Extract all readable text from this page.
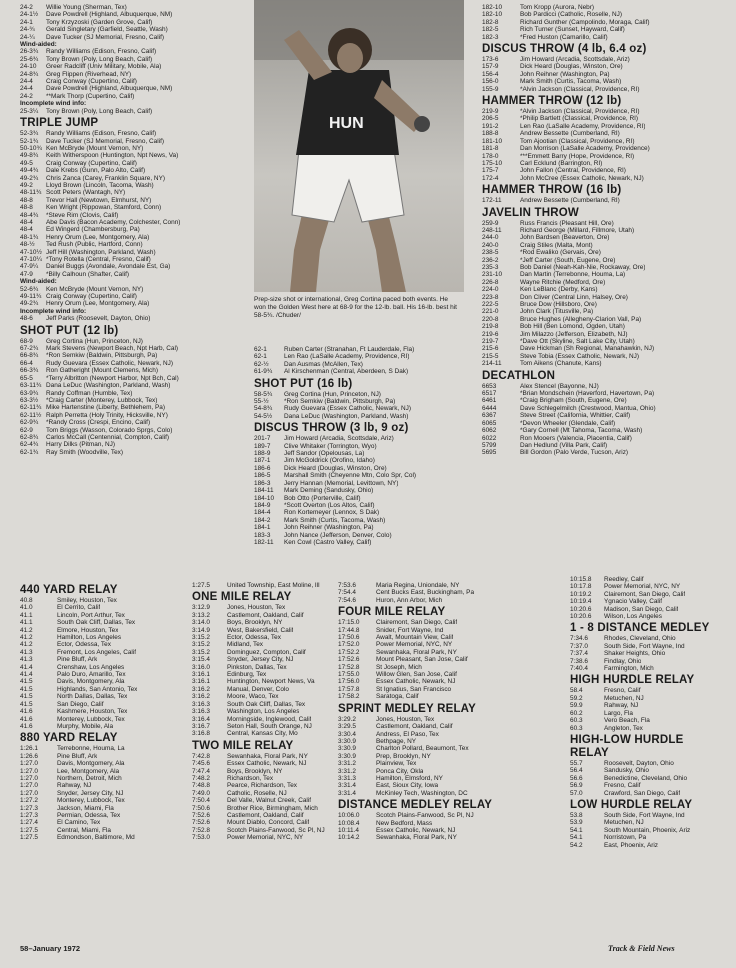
HUN
Prep-size shot or international, Greg Cortina paced both events. He won the Golden West here at 68-9 for the 12-lb. ball. His 16-lb. best hit 58-5¾. /Chuder/
24-2	Willie Young (Sherman, Tex)
24-1½	Dave Powdrell (Highland, Albuquerque, NM)
24-1	Tony Krzyzoski (Garden Grove, Calif)
24-¾	Gerald Singletary (Garfield, Seattle, Wash)
24-¼	Dave Tucker (SJ Memorial, Fresno, Calif)
Wind-aided:
26-3¾	Randy Williams (Edison, Fresno, Calif)
25-6¾	Tony Brown (Poly, Long Beach, Calif)
24-10	Greer Radcliff (Univ Military, Mobile, Ala)
24-8¾	Greg Flippen (Riverhead, NY)
24-4	Craig Conway (Cupertino, Calif)
24-4	Dave Powdrell (Highland, Albuquerque, NM)
24-2	**Mark Thorp (Cupertino, Calif)
Incomplete wind info:
25-3¼	Tony Brown (Poly, Long Beach, Calif)
TRIPLE JUMP
52-3¾	Randy Williams (Edison, Fresno, Calif)
52-1¾	Dave Tucker (SJ Memorial, Fresno, Calif)
50-10¾ Ken McBryde (Mount Vernon, NY)
49-8¾	Keith Witherspoon (Huntington, Npt News, Va)
49-5	Craig Conway (Cupertino, Calif)
49-4¾	Dale Krebs (Gunn, Palo Alto, Calif)
49-2¾	Chris Zanca (Carey, Franklin Square, NY)
49-2	Lloyd Brown (Lincoln, Tacoma, Wash)
48-11¾ Scott Peters (Wantagh, NY)
48-8	Trevor Hall (Newtown, Elmhurst, NY)
48-8	Ken Wright (Rippowan, Stamford, Conn)
48-4¾	*Steve Rim (Clovis, Calif)
48-4	Abe Davis (Bacon Academy, Colchester, Conn)
48-4	Ed Wingerd (Chambersburg, Pa)
48-1¾	Henry Orum (Lee, Montgomery, Ala)
48-½	Ted Rush (Public, Hartford, Conn)
47-10½ Jeff Hill (Washington, Parkland, Wash)
47-10¼ *Tony Rotella (Central, Fresno, Calif)
47-9¼	Daniel Buggs (Avondale, Avondale Est, Ga)
47-9	*Billy Calhoun (Shafter, Calif)
Wind-aided:
52-6¾	Ken McBryde (Mount Vernon, NY)
49-11¾ Craig Conway (Cupertino, Calif)
49-2¾	Henry Orum (Lee, Montgomery, Ala)
Incomplete wind info:
48-6	Jeff Parks (Roosevelt, Dayton, Ohio)
SHOT PUT (12 lb)
68-9	Greg Cortina (Hun, Princeton, NJ)
67-2¾	Mark Stevens (Newport Beach, Npt Harb, Cal)
66-8¾	*Ron Semkiw (Baldwin, Pittsburgh, Pa)
66-4	Rudy Guevara (Essex Catholic, Newark, NJ)
66-3¾	Ron Gatheright (Mount Clemens, Mich)
65-5	*Terry Albritton (Newport Harbor, Npt Bch, Cal)
63-11¾ Dana LeDuc (Washington, Parkland, Wash)
63-9¾	Randy Coffman (Humble, Tex)
63-3½	*Craig Carter (Monterey, Lubbock, Tex)
62-11¾ Mike Hartenstine (Liberty, Bethlehem, Pa)
62-11½ Ralph Perretta (Holy Trinity, Hicksville, NY)
62-9¾	*Randy Cross (Crespi, Encino, Calif)
62-9	Tom Briggs (Wasson, Colorado Sprgs, Colo)
62-8¾	Carlos McCall (Centennial, Compton, Calif)
62-4¾	Harry Dilks (Pitman, NJ)
62-1¾	Ray Smith (Woodville, Tex)
62-1	Ruben Carter (Stranahan, Ft Lauderdale, Fla)
62-1	Len Rao (LaSalle Academy, Providence, RI)
62-½	Dan Ausmas (McAllen, Tex)
61-9¾	Al Kirschenman (Central, Aberdeen, S Dak)
SHOT PUT (16 lb)
58-5¾	Greg Cortina (Hun, Princeton, NJ)
55-½	*Ron Semkiw (Baldwin, Pittsburgh, Pa)
54-8¾	Rudy Guevara (Essex Catholic, Newark, NJ)
54-5½	Dana LeDuc (Washington, Parkland, Wash)
DISCUS THROW (3 lb, 9 oz)
201-7	Jim Howard (Arcadia, Scottsdale, Ariz)
189-7	Clive Whitaker (Torrington, Wyo)
188-9	Jeff Sandor (Opelousas, La)
187-1	Jim McGoldrick (Orofino, Idaho)
186-6	Dick Heard (Douglas, Winston, Ore)
186-5	Marshall Smith (Cheyenne Mtn, Colo Spr, Col)
186-3	Jerry Hannan (Memorial, Levittown, NY)
184-11	Mark Deming (Sandusky, Ohio)
184-10	Bob Otto (Porterville, Calif)
184-9	*Scott Overton (Los Altos, Calif)
184-4	Ron Kortemeyer (Lennox, S Dak)
184-2	Mark Smith (Curtis, Tacoma, Wash)
184-1	John Reihner (Washington, Pa)
183-3	John Nance (Jefferson, Denver, Colo)
182-11	Ken Cowl (Castro Valley, Calif)
182-10	Tom Kropp (Aurora, Nebr)
182-10	Bob Pardicci (Catholic, Roselle, NJ)
182-8	Richard Gunther (Campolindo, Moraga, Calif)
182-5	Rich Turner (Sunset, Hayward, Calif)
182-3	*Fred Huston (Camarillo, Calif)
DISCUS THROW (4 lb, 6.4 oz)
173-6	Jim Howard (Arcadia, Scottsdale, Ariz)
157-9	Dick Heard (Douglas, Winston, Ore)
156-4	John Reihner (Washington, Pa)
156-0	Mark Smith (Curtis, Tacoma, Wash)
155-9	*Alvin Jackson (Classical, Providence, RI)
HAMMER THROW (12 lb)
219-9	*Alvin Jackson (Classical, Providence, RI)
206-5	*Philip Bartlett (Classical, Providence, RI)
191-2	Len Rao (LaSalle Academy, Providence, RI)
188-8	Andrew Bessette (Cumberland, RI)
181-10	Tom Ajootian (Classical, Providence, RI)
181-8	Dan Morrison (LaSalle Academy, Providence)
178-0	***Emmett Barry (Hope, Providence, RI)
175-10	Carl Ecklund (Barrington, RI)
175-7	John Fallon (Central, Providence, RI)
172-4	John McCree (Essex Catholic, Newark, NJ)
HAMMER THROW (16 lb)
172-11	Andrew Bessette (Cumberland, RI)
JAVELIN THROW
259-9	Russ Francis (Pleasant Hill, Ore)
248-11	Richard George (Millard, Fillmore, Utah)
244-0	John Bardsen (Beaverton, Ore)
240-0	Craig Stiles (Malta, Mont)
238-5	*Rod Ewaliko (Gervais, Ore)
236-2	*Jeff Carter (South, Eugene, Ore)
235-3	Bob Daniel (Neah-Kah-Nie, Rockaway, Ore)
231-10	Dan Martin (Terrebonne, Houma, La)
226-8	Wayne Ritchie (Medford, Ore)
224-0	Ken LeBlanc (Derby, Kans)
223-8	Don Cliver (Central Linn, Halsey, Ore)
222-5	Bruce Dow (Hillsboro, Ore)
221-0	John Clark (Titusville, Pa)
220-8	Bruce Hughes (Allegheny-Clarion Vall, Pa)
219-8	Bob Hill (Ben Lomond, Ogden, Utah)
219-6	Jim Milazzo (Jefferson, Elizabeth, NJ)
219-7	*Dave Ott (Skyline, Salt Lake City, Utah)
215-6	Dave Hickman (Sh Regional, Manahawkin, NJ)
215-5	Steve Tobia (Essex Catholic, Newark, NJ)
214-11	Tom Aikens (Chanute, Kans)
DECATHLON
6653	Alex Stencel (Bayonne, NJ)
6517	*Brian Mondschein (Haverford, Havertown, Pa)
6461	*Craig Brigham (South, Eugene, Ore)
6444	Dave Schlegelmilch (Crestwood, Mantua, Ohio)
6367	Steve Street (California, Whittier, Calif)
6065	*Devon Wheeler (Glendale, Calif)
6062	*Gary Cornell (Mt Tahoma, Tacoma, Wash)
6022	Ron Mooers (Valencia, Placentia, Calif)
5799	Dan Hedlund (Villa Park, Calif)
5695	Bill Gordon (Palo Verde, Tucson, Ariz)
440 YARD RELAY
40.8	Smiley, Houston, Tex
41.0	El Cerrito, Calif
41.1	Lincoln, Port Arthur, Tex
41.1	South Oak Cliff, Dallas, Tex
41.2	Elmore, Houston, Tex
41.2	Hamilton, Los Angeles
41.2	Ector, Odessa, Tex
41.3	Fremont, Los Angeles, Calif
41.3	Pine Bluff, Ark
41.4	Crenshaw, Los Angeles
41.4	Palo Duro, Amarillo, Tex
41.5	Davis, Montgomery, Ala
41.5	Highlands, San Antonio, Tex
41.5	North Dallas, Dallas, Tex
41.5	San Diego, Calif
41.6	Kashmere, Houston, Tex
41.6	Monterey, Lubbock, Tex
41.6	Murphy, Mobile, Ala
880 YARD RELAY
1:26.1	Terrebonne, Houma, La
1:26.6	Pine Bluff, Ark
1:27.0	Davis, Montgomery, Ala
1:27.0	Lee, Montgomery, Ala
1:27.0	Northern, Detroit, Mich
1:27.0	Rahway, NJ
1:27.0	Snyder, Jersey City, NJ
1:27.2	Monterey, Lubbock, Tex
1:27.3	Jackson, Miami, Fla
1:27.3	Permian, Odessa, Tex
1:27.4	El Camino, Tex
1:27.5	Central, Miami, Fla
1:27.5	Edmondson, Baltimore, Md
1:27.5	United Township, East Moline, Ill
ONE MILE RELAY
3:12.9	Jones, Houston, Tex
3:13.2	Castlemont, Oakland, Calif
3:14.0	Boys, Brooklyn, NY
3:14.9	West, Bakersfield, Calif
3:15.2	Ector, Odessa, Tex
3:15.2	Midland, Tex
3:15.2	Dominguez, Compton, Calif
3:15.4	Snyder, Jersey City, NJ
3:16.0	Pinkston, Dallas, Tex
3:16.1	Edinburg, Tex
3:16.1	Huntington, Newport News, Va
3:16.2	Manual, Denver, Colo
3:16.2	Moore, Waco, Tex
3:16.3	South Oak Cliff, Dallas, Tex
3:16.3	Washington, Los Angeles
3:16.4	Morningside, Inglewood, Calif
3:16.7	Seton Hall, South Orange, NJ
3:16.8	Central, Kansas City, Mo
TWO MILE RELAY
7:42.8	Sewanhaka, Floral Park, NY
7:45.6	Essex Catholic, Newark, NJ
7:47.4	Boys, Brooklyn, NY
7:48.2	Richardson, Tex
7:48.8	Pearce, Richardson, Tex
7:49.0	Catholic, Roselle, NJ
7:50.4	Del Valle, Walnut Creek, Calif
7:50.6	Brother Rice, Birmingham, Mich
7:52.6	Castlemont, Oakland, Calif
7:52.6	Mount Diablo, Concord, Calif
7:52.8	Scotch Plains-Fanwood, Sc Pl, NJ
7:53.0	Power Memorial, NYC, NY
7:53.6	Maria Regina, Uniondale, NY
7:54.4	Cent Bucks East, Buckingham, Pa
7:54.6	Huron, Ann Arbor, Mich
FOUR MILE RELAY
17:15.0	Clairemont, San Diego, Calif
17:44.8	Snider, Fort Wayne, Ind
17:50.6	Awalt, Mountain View, Calif
17:52.0	Power Memorial, NYC, NY
17:52.2	Sewanhaka, Floral Park, NY
17:52.6	Mount Pleasant, San Jose, Calif
17:52.8	St Joseph, Mich
17:55.0	Willow Glen, San Jose, Calif
17:56.0	Essex Catholic, Newark, NJ
17:57.8	St Ignatius, San Francisco
17:58.2	Saratoga, Calif
SPRINT MEDLEY RELAY
3:29.2	Jones, Houston, Tex
3:29.5	Castlemont, Oakland, Calif
3:30.4	Andress, El Paso, Tex
3:30.9	Bethpage, NY
3:30.9	Charlton Pollard, Beaumont, Tex
3:30.9	Prep, Brooklyn, NY
3:31.2	Plainview, Tex
3:31.2	Ponca City, Okla
3:31.3	Hamilton, Elmsford, NY
3:31.4	East, Sioux City, Iowa
3:31.4	McKinley Tech, Washington, DC
DISTANCE MEDLEY RELAY
10:06.0	Scotch Plains-Fanwood, Sc Pl, NJ
10:08.4	New Bedford, Mass
10:11.4	Essex Catholic, Newark, NJ
10:14.2	Sewanhaka, Floral Park, NY
10:15.8	Reedley, Calif
10:17.8	Power Memorial, NYC, NY
10:19.2	Clairemont, San Diego, Calif
10:19.4	Ygnacio Valley, Calif
10:20.6	Madison, San Diego, Calif
10:20.6	Wilson, Los Angeles
1 - 8 DISTANCE MEDLEY
7:34.6	Rhodes, Cleveland, Ohio
7:37.0	South Side, Fort Wayne, Ind
7:37.4	Shaker Heights, Ohio
7:38.6	Findlay, Ohio
7:40.4	Farmington, Mich
HIGH HURDLE RELAY
58.4	Fresno, Calif
59.2	Metuchen, NJ
59.9	Rahway, NJ
60.2	Largo, Fla
60.3	Vero Beach, Fla
60.3	Angleton, Tex
HIGH-LOW HURDLE RELAY
55.7	Roosevelt, Dayton, Ohio
56.4	Sandusky, Ohio
56.6	Benedictine, Cleveland, Ohio
56.9	Fresno, Calif
57.0	Crawford, San Diego, Calif
LOW HURDLE RELAY
53.8	South Side, Fort Wayne, Ind
53.9	Metuchen, NJ
54.1	South Mountain, Phoenix, Ariz
54.1	Norristown, Pa
54.2	East, Phoenix, Ariz
58–January 1972	Track & Field News
